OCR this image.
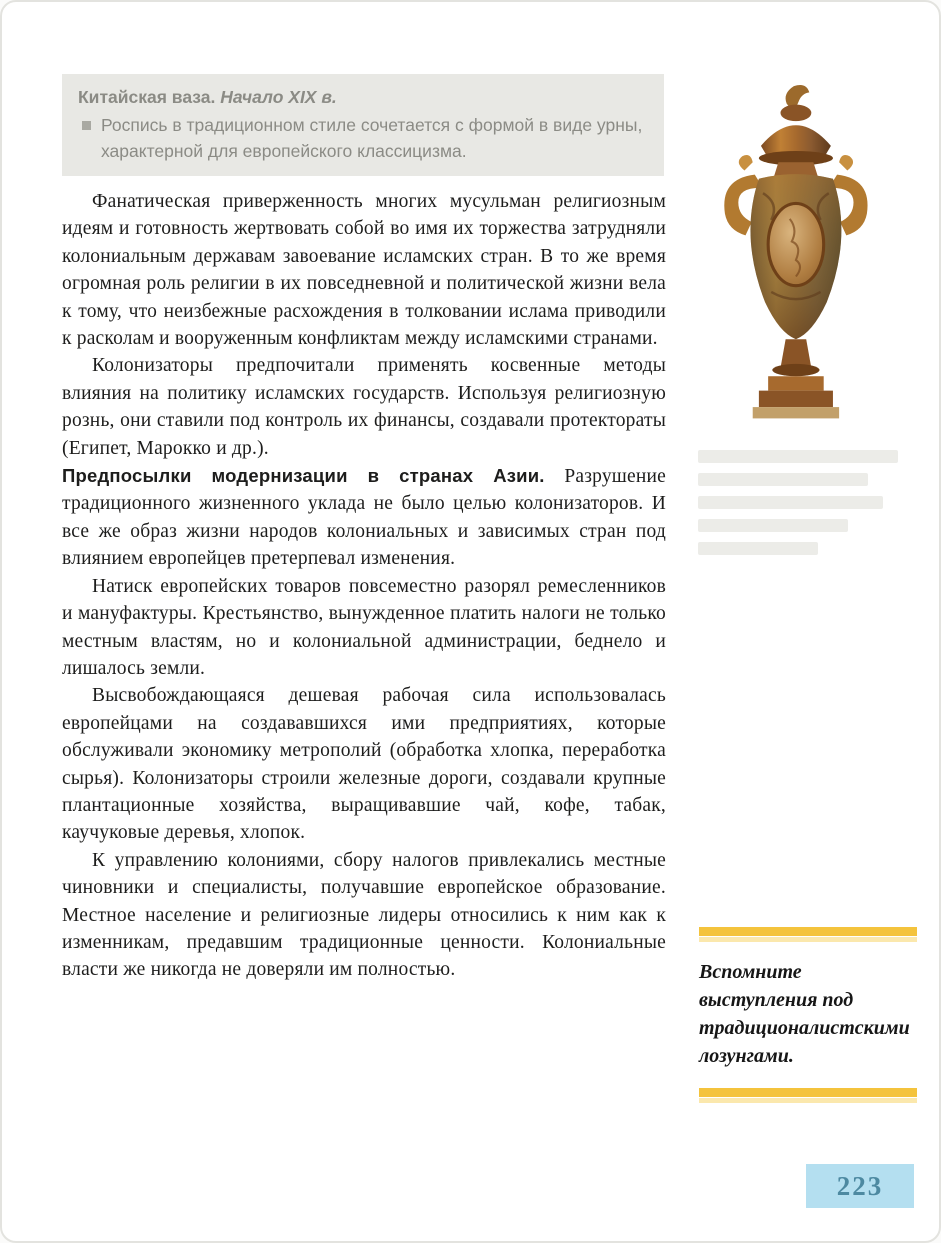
Китайская ваза. Начало XIX в.
Роспись в традиционном стиле сочетается с формой в виде урны, характерной для европейского классицизма.

Фанатическая приверженность многих мусульман религиозным идеям и готовность жертвовать собой во имя их торжества затрудняли колониальным державам завоевание исламских стран. В то же время огромная роль религии в их повседневной и политической жизни вела к тому, что неизбежные расхождения в толковании ислама приводили к расколам и вооруженным конфликтам между исламскими странами.

Колонизаторы предпочитали применять косвенные методы влияния на политику исламских государств. Используя религиозную рознь, они ставили под контроль их финансы, создавали протектораты (Египет, Марокко и др.).

Предпосылки модернизации в странах Азии. Разрушение традиционного жизненного уклада не было целью колонизаторов. И все же образ жизни народов колониальных и зависимых стран под влиянием европейцев претерпевал изменения.

Натиск европейских товаров повсеместно разорял ремесленников и мануфактуры. Крестьянство, вынужденное платить налоги не только местным властям, но и колониальной администрации, беднело и лишалось земли.

Высвобождающаяся дешевая рабочая сила использовалась европейцами на создававшихся ими предприятиях, которые обслуживали экономику метрополий (обработка хлопка, переработка сырья). Колонизаторы строили железные дороги, создавали крупные плантационные хозяйства, выращивавшие чай, кофе, табак, каучуковые деревья, хлопок.

К управлению колониями, сбору налогов привлекались местные чиновники и специалисты, получавшие европейское образование. Местное население и религиозные лидеры относились к ним как к изменникам, предавшим традиционные ценности. Колониальные власти же никогда не доверяли им полностью.	Вспомните выступления под традиционалистскими лозунгами.
223
